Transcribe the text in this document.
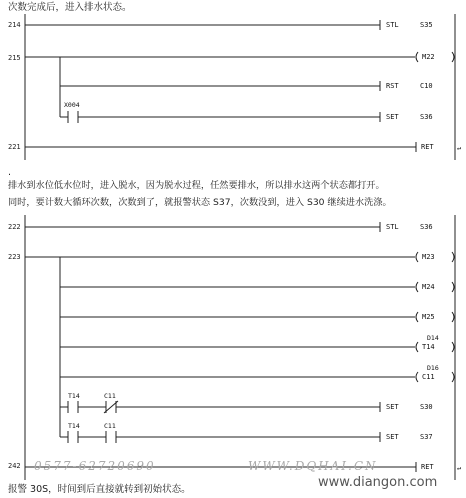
次数完成后，进入排水状态。
排水到水位低水位时，进入脱水，因为脱水过程，任然要排水，所以排水这两个状态都打开。
同时，要计数大循环次数，次数到了，就报警状态 S37，次数没到，进入 S30 继续进水洗涤。
报警 30S，时间到后直接就转到初始状态。
.
214
215
221
222
223
242
STL	S35
M22
RST	C10
SET	S36
RET
STL	S36
M23
M24
M25
D14
T14
D16
C11
SET	S30
SET	S37
RET
X004
T14	C11
T14	C11
↵
↵
0577-62720690	WWW.DQHAI.CN
www.diangon.com
